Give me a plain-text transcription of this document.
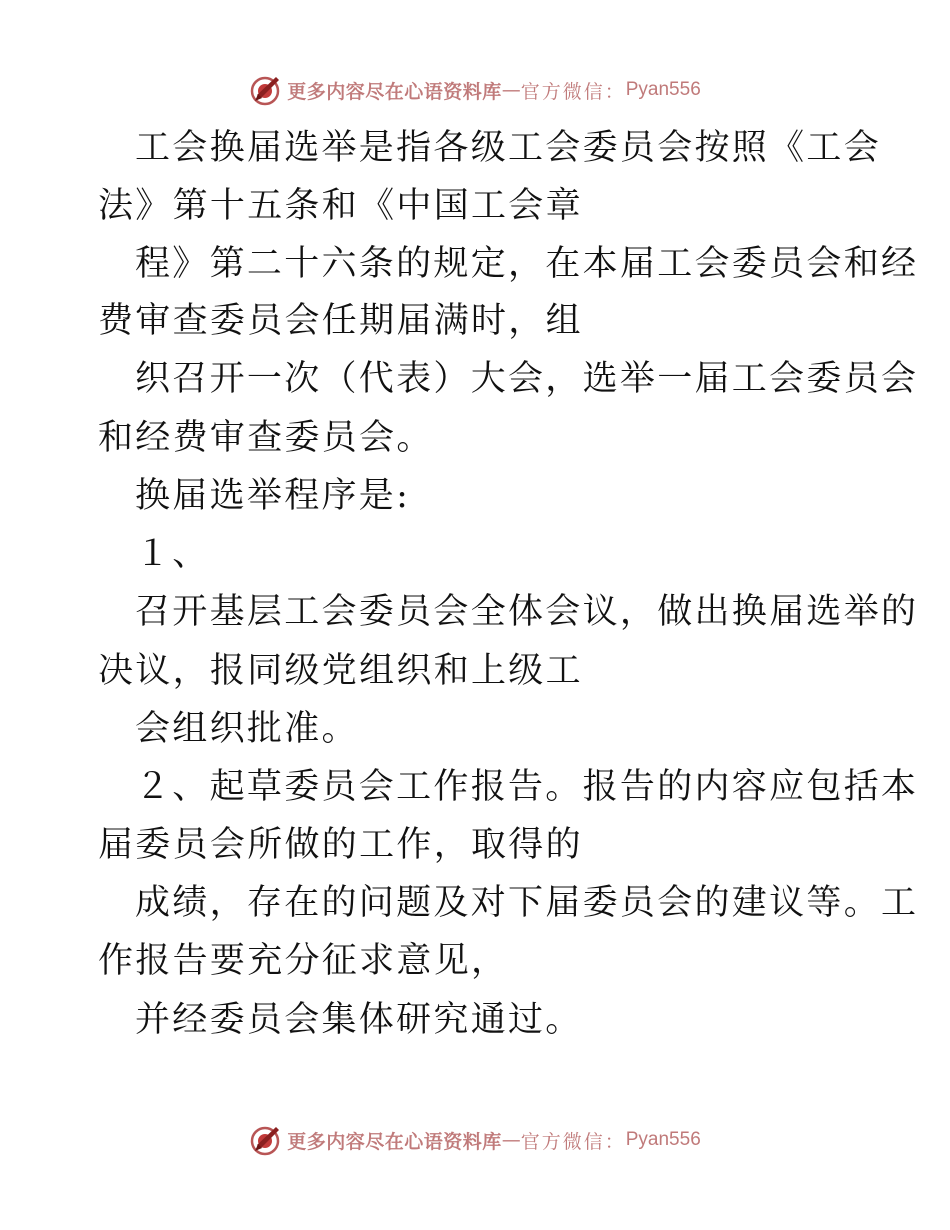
更多内容尽在心语资料库 — 官方微信： Pyan556
工会换届选举是指各级工会委员会按照《工会
法》第十五条和《中国工会章
程》第二十六条的规定，在本届工会委员会和经
费审查委员会任期届满时，组
织召开一次（代表）大会，选举一届工会委员会
和经费审查委员会。
换届选举程序是:
１、
召开基层工会委员会全体会议，做出换届选举的
决议，报同级党组织和上级工
会组织批准。
２、起草委员会工作报告。报告的内容应包括本
届委员会所做的工作，取得的
成绩，存在的问题及对下届委员会的建议等。工
作报告要充分征求意见，
并经委员会集体研究通过。
更多内容尽在心语资料库 — 官方微信： Pyan556
